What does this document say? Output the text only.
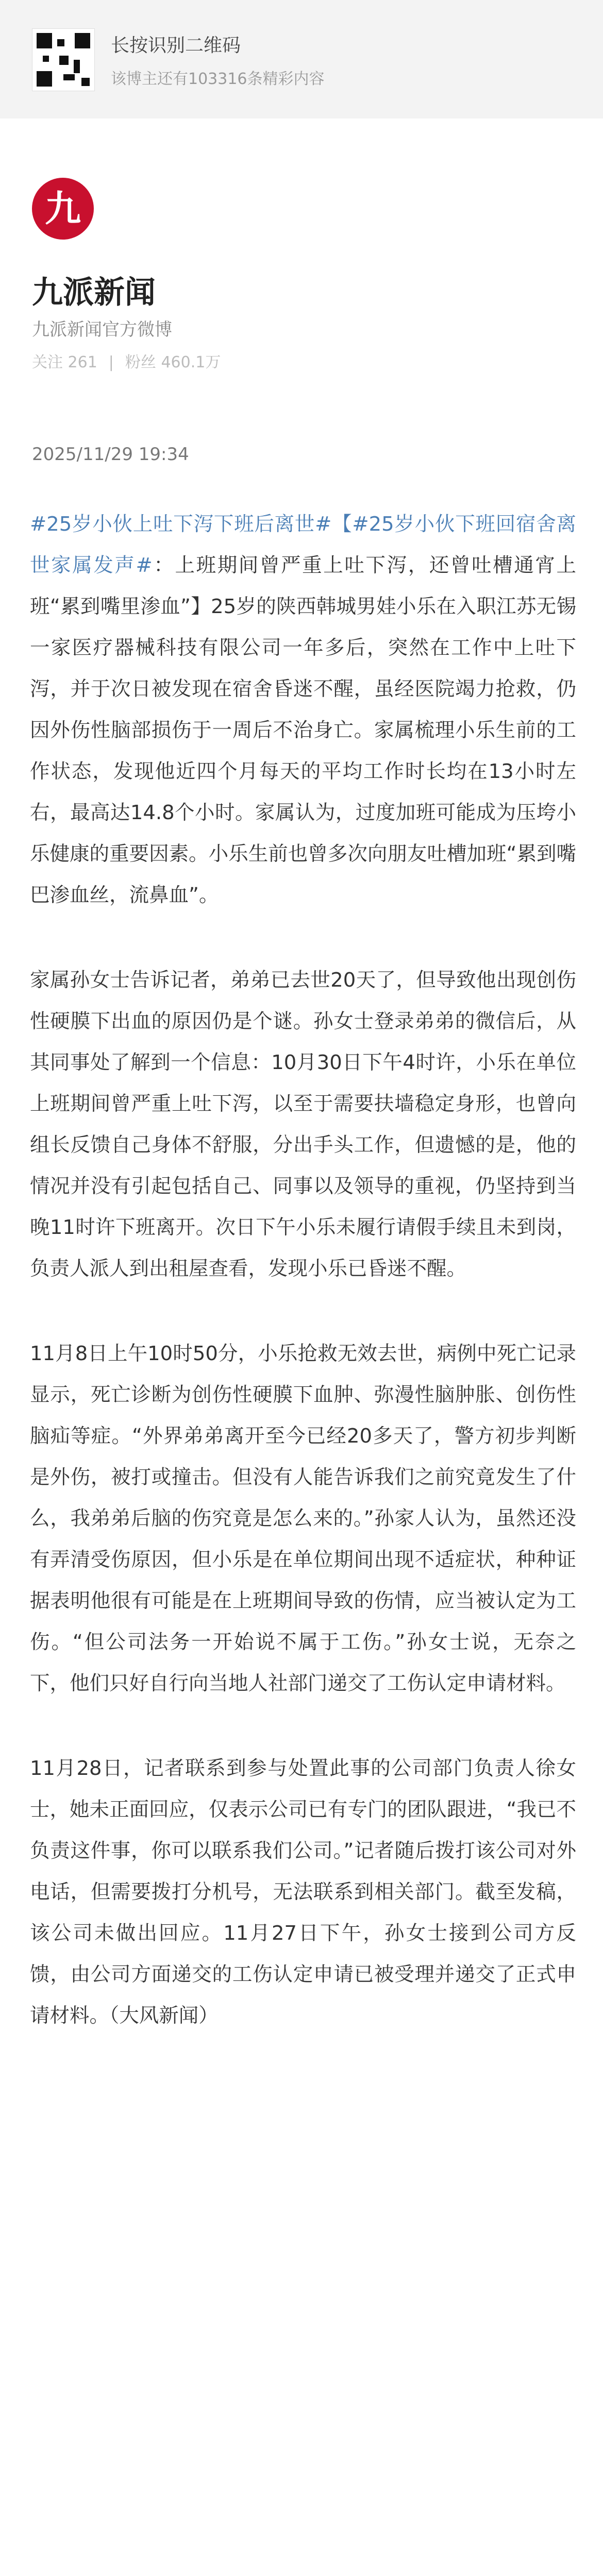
长按识别二维码
该博主还有103316条精彩内容
九
九派新闻
九派新闻官方微博
关注 261 | 粉丝 460.1万
2025/11/29 19:34

#25岁小伙上吐下泻下班后离世#【#25岁小伙下班回宿舍离世家属发声#：上班期间曾严重上吐下泻，还曾吐槽通宵上班“累到嘴里渗血”】25岁的陕西韩城男娃小乐在入职江苏无锡一家医疗器械科技有限公司一年多后，突然在工作中上吐下泻，并于次日被发现在宿舍昏迷不醒，虽经医院竭力抢救，仍因外伤性脑部损伤于一周后不治身亡。家属梳理小乐生前的工作状态，发现他近四个月每天的平均工作时长均在13小时左右，最高达14.8个小时。家属认为，过度加班可能成为压垮小乐健康的重要因素。小乐生前也曾多次向朋友吐槽加班“累到嘴巴渗血丝，流鼻血”。

家属孙女士告诉记者，弟弟已去世20天了，但导致他出现创伤性硬膜下出血的原因仍是个谜。孙女士登录弟弟的微信后，从其同事处了解到一个信息：10月30日下午4时许，小乐在单位上班期间曾严重上吐下泻，以至于需要扶墙稳定身形，也曾向组长反馈自己身体不舒服，分出手头工作，但遗憾的是，他的情况并没有引起包括自己、同事以及领导的重视，仍坚持到当晚11时许下班离开。次日下午小乐未履行请假手续且未到岗，负责人派人到出租屋查看，发现小乐已昏迷不醒。

11月8日上午10时50分，小乐抢救无效去世，病例中死亡记录显示，死亡诊断为创伤性硬膜下血肿、弥漫性脑肿胀、创伤性脑疝等症。“外界弟弟离开至今已经20多天了，警方初步判断是外伤，被打或撞击。但没有人能告诉我们之前究竟发生了什么，我弟弟后脑的伤究竟是怎么来的。”孙家人认为，虽然还没有弄清受伤原因，但小乐是在单位期间出现不适症状，种种证据表明他很有可能是在上班期间导致的伤情，应当被认定为工伤。“但公司法务一开始说不属于工伤。”孙女士说，无奈之下，他们只好自行向当地人社部门递交了工伤认定申请材料。

11月28日，记者联系到参与处置此事的公司部门负责人徐女士，她未正面回应，仅表示公司已有专门的团队跟进，“我已不负责这件事，你可以联系我们公司。”记者随后拨打该公司对外电话，但需要拨打分机号，无法联系到相关部门。截至发稿，该公司未做出回应。11月27日下午，孙女士接到公司方反馈，由公司方面递交的工伤认定申请已被受理并递交了正式申请材料。（大风新闻）
